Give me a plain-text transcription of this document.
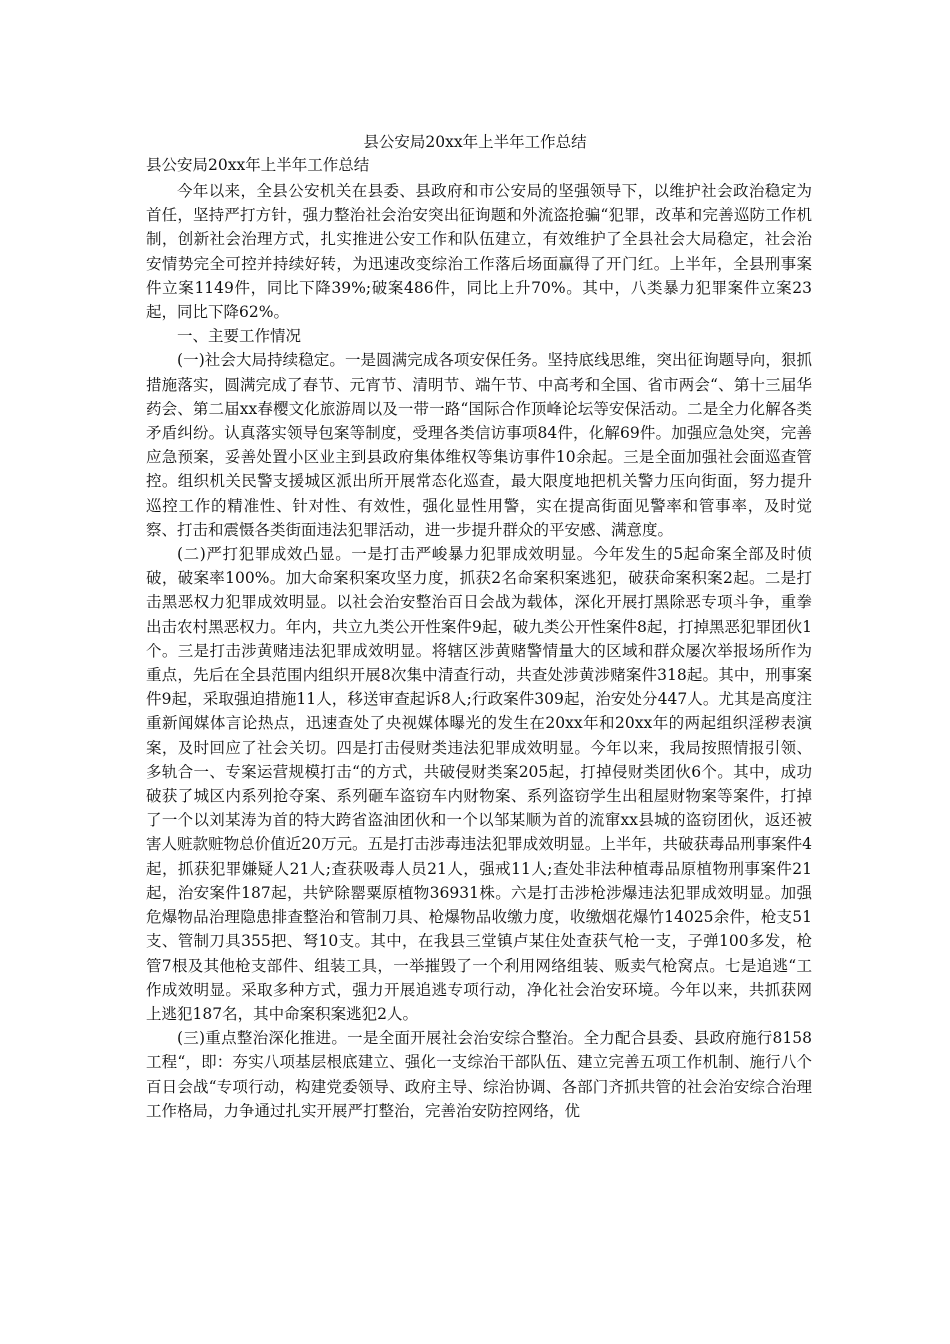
县公安局20xx年上半年工作总结
县公安局20xx年上半年工作总结

今年以来，全县公安机关在县委、县政府和市公安局的坚强领导下，以维护社会政治稳定为首任，坚持严打方针，强力整治社会治安突出征询题和外流盗抢骗“犯罪，改革和完善巡防工作机制，创新社会治理方式，扎实推进公安工作和队伍建立，有效维护了全县社会大局稳定，社会治安情势完全可控并持续好转，为迅速改变综治工作落后场面赢得了开门红。上半年，全县刑事案件立案1149件，同比下降39%;破案486件，同比上升70%。其中，八类暴力犯罪案件立案23起，同比下降62%。

一、主要工作情况

(一)社会大局持续稳定。一是圆满完成各项安保任务。坚持底线思维，突出征询题导向，狠抓措施落实，圆满完成了春节、元宵节、清明节、端午节、中高考和全国、省市两会“、第十三届华药会、第二届xx春樱文化旅游周以及一带一路“国际合作顶峰论坛等安保活动。二是全力化解各类矛盾纠纷。认真落实领导包案等制度，受理各类信访事项84件，化解69件。加强应急处突，完善应急预案，妥善处置小区业主到县政府集体维权等集访事件10余起。三是全面加强社会面巡查管控。组织机关民警支援城区派出所开展常态化巡查，最大限度地把机关警力压向街面，努力提升巡控工作的精准性、针对性、有效性，强化显性用警，实在提高街面见警率和管事率，及时觉察、打击和震慑各类街面违法犯罪活动，进一步提升群众的平安感、满意度。

(二)严打犯罪成效凸显。一是打击严峻暴力犯罪成效明显。今年发生的5起命案全部及时侦破，破案率100%。加大命案积案攻坚力度，抓获2名命案积案逃犯，破获命案积案2起。二是打击黑恶权力犯罪成效明显。以社会治安整治百日会战为载体，深化开展打黑除恶专项斗争，重拳出击农村黑恶权力。年内，共立九类公开性案件9起，破九类公开性案件8起，打掉黑恶犯罪团伙1个。三是打击涉黄赌违法犯罪成效明显。将辖区涉黄赌警情量大的区域和群众屡次举报场所作为重点，先后在全县范围内组织开展8次集中清查行动，共查处涉黄涉赌案件318起。其中，刑事案件9起，采取强迫措施11人，移送审查起诉8人;行政案件309起，治安处分447人。尤其是高度注重新闻媒体言论热点，迅速查处了央视媒体曝光的发生在20xx年和20xx年的两起组织淫秽表演案，及时回应了社会关切。四是打击侵财类违法犯罪成效明显。今年以来，我局按照情报引领、多轨合一、专案运营规模打击“的方式，共破侵财类案205起，打掉侵财类团伙6个。其中，成功破获了城区内系列抢夺案、系列砸车盗窃车内财物案、系列盗窃学生出租屋财物案等案件，打掉了一个以刘某涛为首的特大跨省盗油团伙和一个以邹某顺为首的流窜xx县城的盗窃团伙，返还被害人赃款赃物总价值近20万元。五是打击涉毒违法犯罪成效明显。上半年，共破获毒品刑事案件4起，抓获犯罪嫌疑人21人;查获吸毒人员21人，强戒11人;查处非法种植毒品原植物刑事案件21起，治安案件187起，共铲除罂粟原植物36931株。六是打击涉枪涉爆违法犯罪成效明显。加强危爆物品治理隐患排查整治和管制刀具、枪爆物品收缴力度，收缴烟花爆竹14025余件，枪支51支、管制刀具355把、弩10支。其中，在我县三堂镇卢某住处查获气枪一支，子弹100多发，枪管7根及其他枪支部件、组装工具，一举摧毁了一个利用网络组装、贩卖气枪窝点。七是追逃“工作成效明显。采取多种方式，强力开展追逃专项行动，净化社会治安环境。今年以来，共抓获网上逃犯187名，其中命案积案逃犯2人。

(三)重点整治深化推进。一是全面开展社会治安综合整治。全力配合县委、县政府施行8158工程“，即：夯实八项基层根底建立、强化一支综治干部队伍、建立完善五项工作机制、施行八个百日会战“专项行动，构建党委领导、政府主导、综治协调、各部门齐抓共管的社会治安综合治理工作格局，力争通过扎实开展严打整治，完善治安防控网络，优
